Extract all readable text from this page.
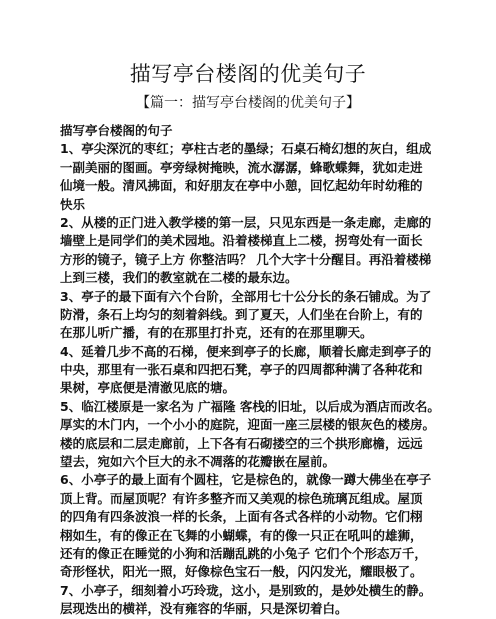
描写亭台楼阁的优美句子
【篇一：描写亭台楼阁的优美句子】
描写亭台楼阁的句子
1、亭尖深沉的枣红；亭柱古老的墨绿；石桌石椅幻想的灰白，组成
一副美丽的图画。亭旁绿树掩映，流水潺潺，蜂歌蝶舞，犹如走进
仙境一般。清风拂面，和好朋友在亭中小憩，回忆起幼年时幼稚的
快乐
2、从楼的正门进入教学楼的第一层，只见东西是一条走廊，走廊的
墙壁上是同学们的美术园地。沿着楼梯直上二楼，拐弯处有一面长
方形的镜子，镜子上方 你整洁吗？ 几个大字十分醒目。再沿着楼梯
上到三楼，我们的教室就在二楼的最东边。
3、亭子的最下面有六个台阶，全部用七十公分长的条石铺成。为了
防滑，条石上均匀的刻着斜线。到了夏天，人们坐在台阶上，有的
在那儿听广播，有的在那里打扑克，还有的在那里聊天。
4、延着几步不高的石梯，便来到亭子的长廊，顺着长廊走到亭子的
中央，那里有一张石桌和四把石凳，亭子的四周都种满了各种花和
果树，亭底便是清澈见底的塘。
5、临江楼原是一家名为 广福隆 客栈的旧址，以后成为酒店而改名。
厚实的木门内，一个小小的庭院，迎面一座三层楼的银灰色的楼房。
楼的底层和二层走廊前，上下各有石砌搂空的三个拱形廊檐，远远
望去，宛如六个巨大的永不凋落的花瓣嵌在屋前。
6、小亭子的最上面有个圆柱，它是棕色的，就像一蹲大佛坐在亭子
顶上背。而屋顶呢？有许多整齐而又美观的棕色琉璃瓦组成。屋顶
的四角有四条波浪一样的长条，上面有各式各样的小动物。它们栩
栩如生，有的像正在飞舞的小蝴蝶，有的像一只正在吼叫的雄狮，
还有的像正在睡觉的小狗和活蹦乱跳的小兔子 它们个个形态万千，
奇形怪状，阳光一照，好像棕色宝石一般，闪闪发光，耀眼极了。
7、小亭子，细刻着小巧玲珑，这小，是别致的，是妙处横生的静。
层现迭出的横祥，没有雍容的华丽，只是深切着白。
